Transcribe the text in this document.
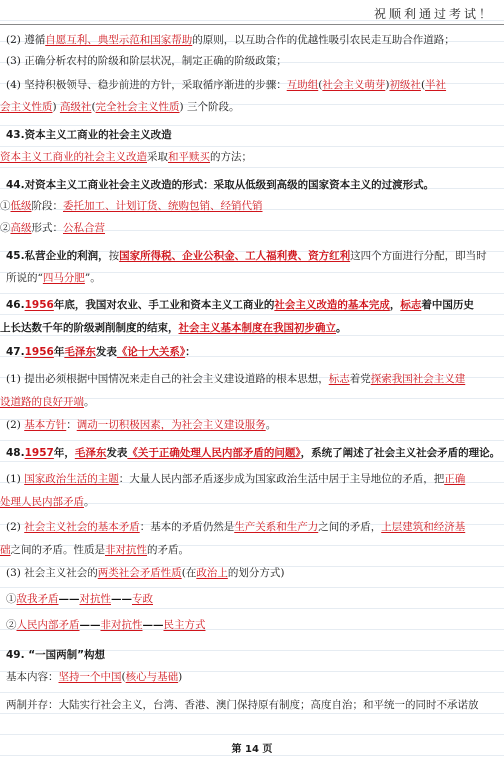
祝顺利通过考试！
(2) 遵循自愿互利、典型示范和国家帮助的原则，以互助合作的优越性吸引农民走互助合作道路；
(3) 正确分析农村的阶级和阶层状况，制定正确的阶级政策；
(4) 坚持积极领导、稳步前进的方针，采取循序渐进的步骤：互助组(社会主义萌芽)初级社(半社
会主义性质) 高级社(完全社会主义性质) 三个阶段。
43.资本主义工商业的社会主义改造
资本主义工商业的社会主义改造采取和平赎买的方法；
44.对资本主义工商业社会主义改造的形式：采取从低级到高级的国家资本主义的过渡形式。
①低级阶段：委托加工、计划订货、统购包销、经销代销
②高级形式：公私合营
45.私营企业的利润，按国家所得税、企业公积金、工人福利费、资方红利这四个方面进行分配，即当时
所说的“四马分肥”。
46.1956年底，我国对农业、手工业和资本主义工商业的社会主义改造的基本完成，标志着中国历史
上长达数千年的阶级剥削制度的结束，社会主义基本制度在我国初步确立。
47.1956年毛泽东发表《论十大关系》：
(1) 提出必须根据中国情况来走自己的社会主义建设道路的根本思想，标志着党探索我国社会主义建
设道路的良好开端。
(2) 基本方针：调动一切积极因素，为社会主义建设服务。
48.1957年，毛泽东发表《关于正确处理人民内部矛盾的问题》，系统了阐述了社会主义社会矛盾的理论。
(1) 国家政治生活的主题：大量人民内部矛盾逐步成为国家政治生活中居于主导地位的矛盾，把正确
处理人民内部矛盾。
(2) 社会主义社会的基本矛盾：基本的矛盾仍然是生产关系和生产力之间的矛盾，上层建筑和经济基
础之间的矛盾。性质是非对抗性的矛盾。
(3) 社会主义社会的两类社会矛盾性质(在政治上的划分方式)
①敌我矛盾——对抗性——专政
②人民内部矛盾——非对抗性——民主方式
49. “一国两制”构想
基本内容：坚持一个中国(核心与基础)
两制并存：大陆实行社会主义，台湾、香港、澳门保持原有制度；高度自治；和平统一的同时不承诺放
第 14 页
